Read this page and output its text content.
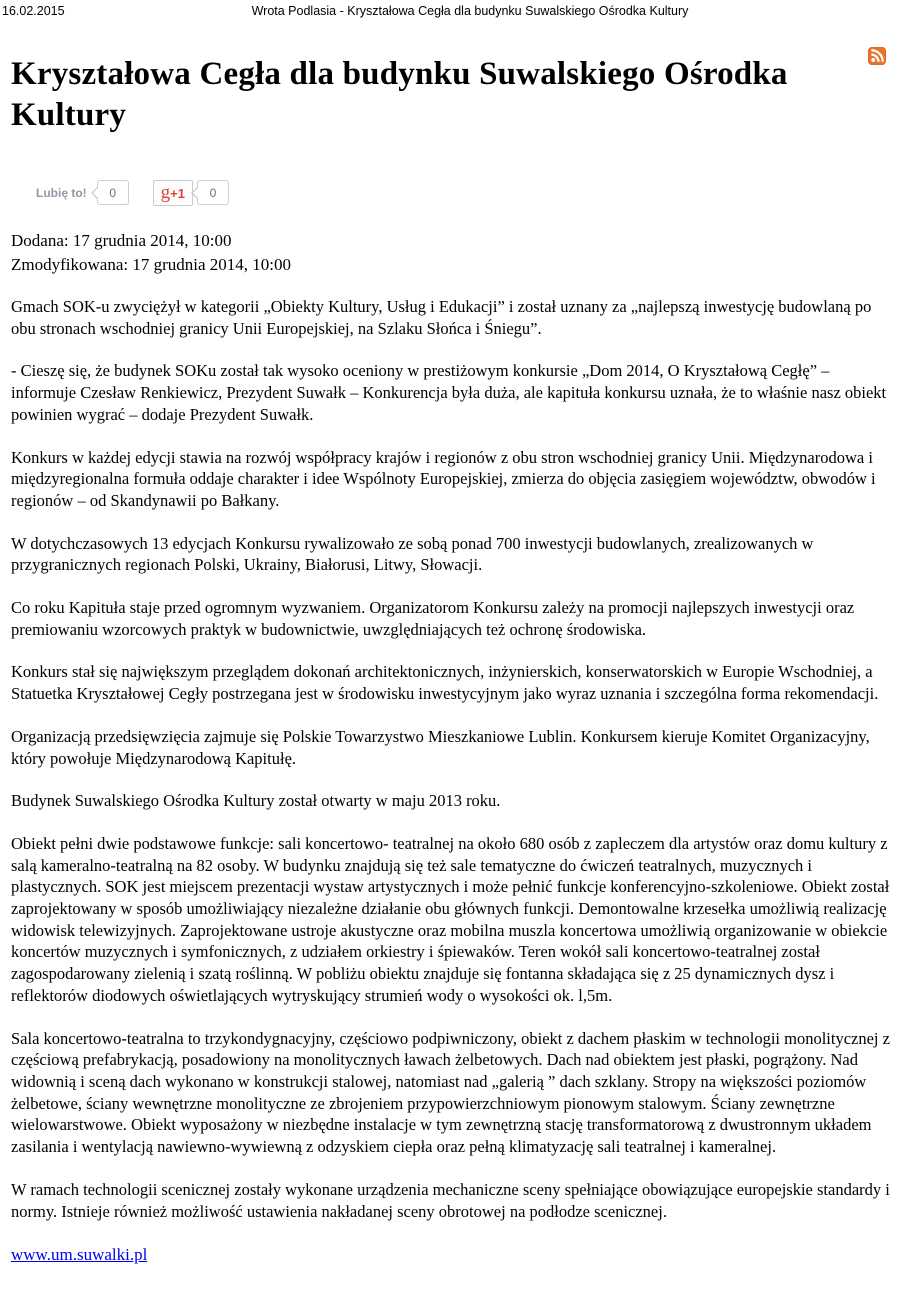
16.02.2015	Wrota Podlasia - Kryształowa Cegła dla budynku Suwalskiego Ośrodka Kultury
Kryształowa Cegła dla budynku Suwalskiego Ośrodka Kultury
Lubię to!	0	g +1	0
Dodana: 17 grudnia 2014, 10:00
Zmodyfikowana: 17 grudnia 2014, 10:00

Gmach SOK-u zwyciężył w kategorii „Obiekty Kultury, Usług i Edukacji” i został uznany za „najlepszą inwestycję budowlaną po obu stronach wschodniej granicy Unii Europejskiej, na Szlaku Słońca i Śniegu”.

- Cieszę się, że budynek SOKu został tak wysoko oceniony w prestiżowym konkursie „Dom 2014, O Kryształową Cegłę” – informuje Czesław Renkiewicz, Prezydent Suwałk – Konkurencja była duża, ale kapituła konkursu uznała, że to właśnie nasz obiekt powinien wygrać – dodaje Prezydent Suwałk.

Konkurs w każdej edycji stawia na rozwój współpracy krajów i regionów z obu stron wschodniej granicy Unii. Międzynarodowa i międzyregionalna formuła oddaje charakter i idee Wspólnoty Europejskiej, zmierza do objęcia zasięgiem województw, obwodów i regionów – od Skandynawii po Bałkany.

W dotychczasowych 13 edycjach Konkursu rywalizowało ze sobą ponad 700 inwestycji budowlanych, zrealizowanych w przygranicznych regionach Polski, Ukrainy, Białorusi, Litwy, Słowacji.

Co roku Kapituła staje przed ogromnym wyzwaniem. Organizatorom Konkursu zależy na promocji najlepszych inwestycji oraz premiowaniu wzorcowych praktyk w budownictwie, uwzględniających też ochronę środowiska.

Konkurs stał się największym przeglądem dokonań architektonicznych, inżynierskich, konserwatorskich w Europie Wschodniej, a Statuetka Kryształowej Cegły postrzegana jest w środowisku inwestycyjnym jako wyraz uznania i szczególna forma rekomendacji.

Organizacją przedsięwzięcia zajmuje się Polskie Towarzystwo Mieszkaniowe Lublin. Konkursem kieruje Komitet Organizacyjny, który powołuje Międzynarodową Kapitułę.

Budynek Suwalskiego Ośrodka Kultury został otwarty w maju 2013 roku.

Obiekt pełni dwie podstawowe funkcje: sali koncertowo- teatralnej na około 680 osób z zapleczem dla artystów oraz domu kultury z salą kameralno-teatralną na 82 osoby. W budynku znajdują się też sale tematyczne do ćwiczeń teatralnych, muzycznych i plastycznych. SOK jest miejscem prezentacji wystaw artystycznych i może pełnić funkcje konferencyjno-szkoleniowe. Obiekt został zaprojektowany w sposób umożliwiający niezależne działanie obu głównych funkcji. Demontowalne krzesełka umożliwią realizację widowisk telewizyjnych. Zaprojektowane ustroje akustyczne oraz mobilna muszla koncertowa umożliwią organizowanie w obiekcie koncertów muzycznych i symfonicznych, z udziałem orkiestry i śpiewaków. Teren wokół sali koncertowo-teatralnej został zagospodarowany zielenią i szatą roślinną. W pobliżu obiektu znajduje się fontanna składająca się z 25 dynamicznych dysz i reflektorów diodowych oświetlających wytryskujący strumień wody o wysokości ok. l,5m.

Sala koncertowo-teatralna to trzykondygnacyjny, częściowo podpiwniczony, obiekt z dachem płaskim w technologii monolitycznej z częściową prefabrykacją, posadowiony na monolitycznych ławach żelbetowych. Dach nad obiektem jest płaski, pogrążony. Nad widownią i sceną dach wykonano w konstrukcji stalowej, natomiast nad „galerią ” dach szklany. Stropy na większości poziomów żelbetowe, ściany wewnętrzne monolityczne ze zbrojeniem przypowierzchniowym pionowym stalowym. Ściany zewnętrzne wielowarstwowe. Obiekt wyposażony w niezbędne instalacje w tym zewnętrzną stację transformatorową z dwustronnym układem zasilania i wentylacją nawiewno-wywiewną z odzyskiem ciepła oraz pełną klimatyzację sali teatralnej i kameralnej.

W ramach technologii scenicznej zostały wykonane urządzenia mechaniczne sceny spełniające obowiązujące europejskie standardy i normy. Istnieje również możliwość ustawienia nakładanej sceny obrotowej na podłodze scenicznej.

www.um.suwalki.pl
